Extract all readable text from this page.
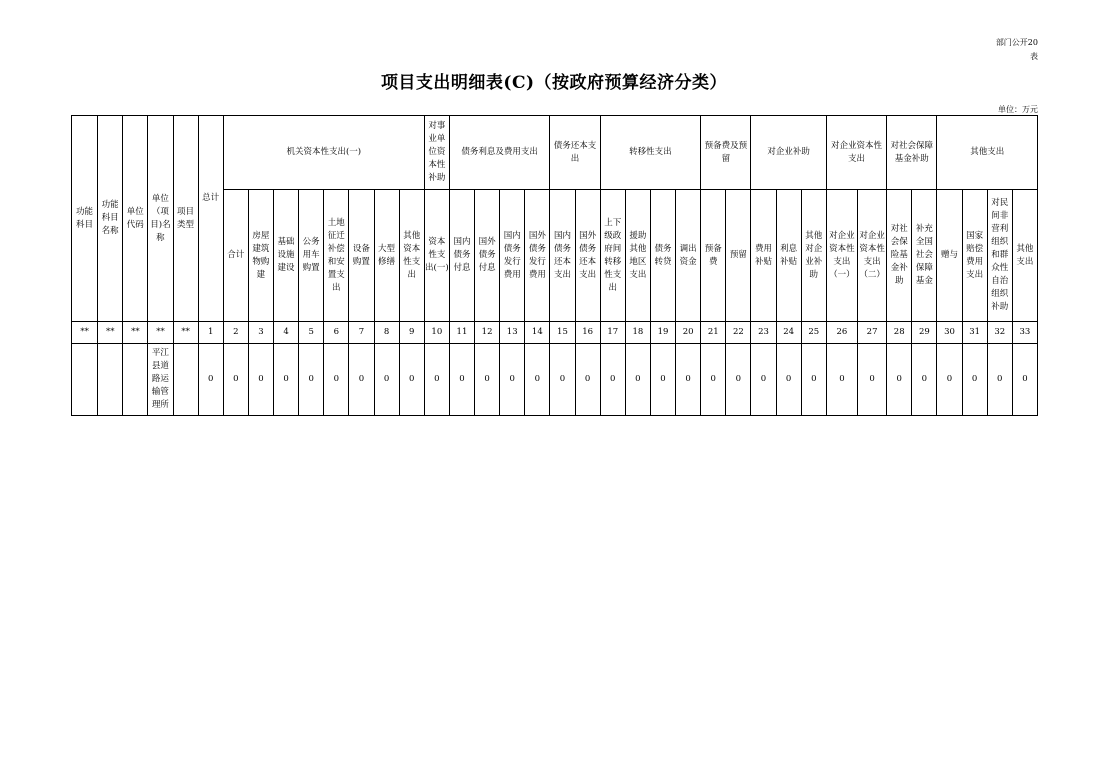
部门公开20
表
项目支出明细表(C)（按政府预算经济分类）
单位：万元
功能科目	功能科目名称	单位代码	单位（项目)名称	项目类型	总计	机关资本性支出(一)								对事业单位资本性补助	债务利息及费用支出				债务还本支出		转移性支出				预备费及预留		对企业补助			对企业资本性支出		对社会保障基金补助		其他支出			
						合计	房屋建筑物购建	基础设施建设	公务用车购置	土地征迁补偿和安置支出	设备购置	大型修缮	其他资本性支出	资本性支出(一)	国内债务付息	国外债务付息	国内债务发行费用	国外债务发行费用	国内债务还本支出	国外债务还本支出	上下级政府间转移性支出	援助其他地区支出	债务转贷	调出资金	预备费	预留	费用补贴	利息补贴	其他对企业补助	对企业资本性支出（一）	对企业资本性支出（二）	对社会保险基金补助	补充全国社会保障基金	赠与	国家赔偿费用支出	对民间非营利组织和群众性自治组织补助	其他支出
**	**	**	**	**	1	2	3	4	5	6	7	8	9	10	11	12	13	14	15	16	17	18	19	20	21	22	23	24	25	26	27	28	29	30	31	32	33
			平江县道路运输管理所		0	0	0	0	0	0	0	0	0	0	0	0	0	0	0	0	0	0	0	0	0	0	0	0	0	0	0	0	0	0	0	0	0
